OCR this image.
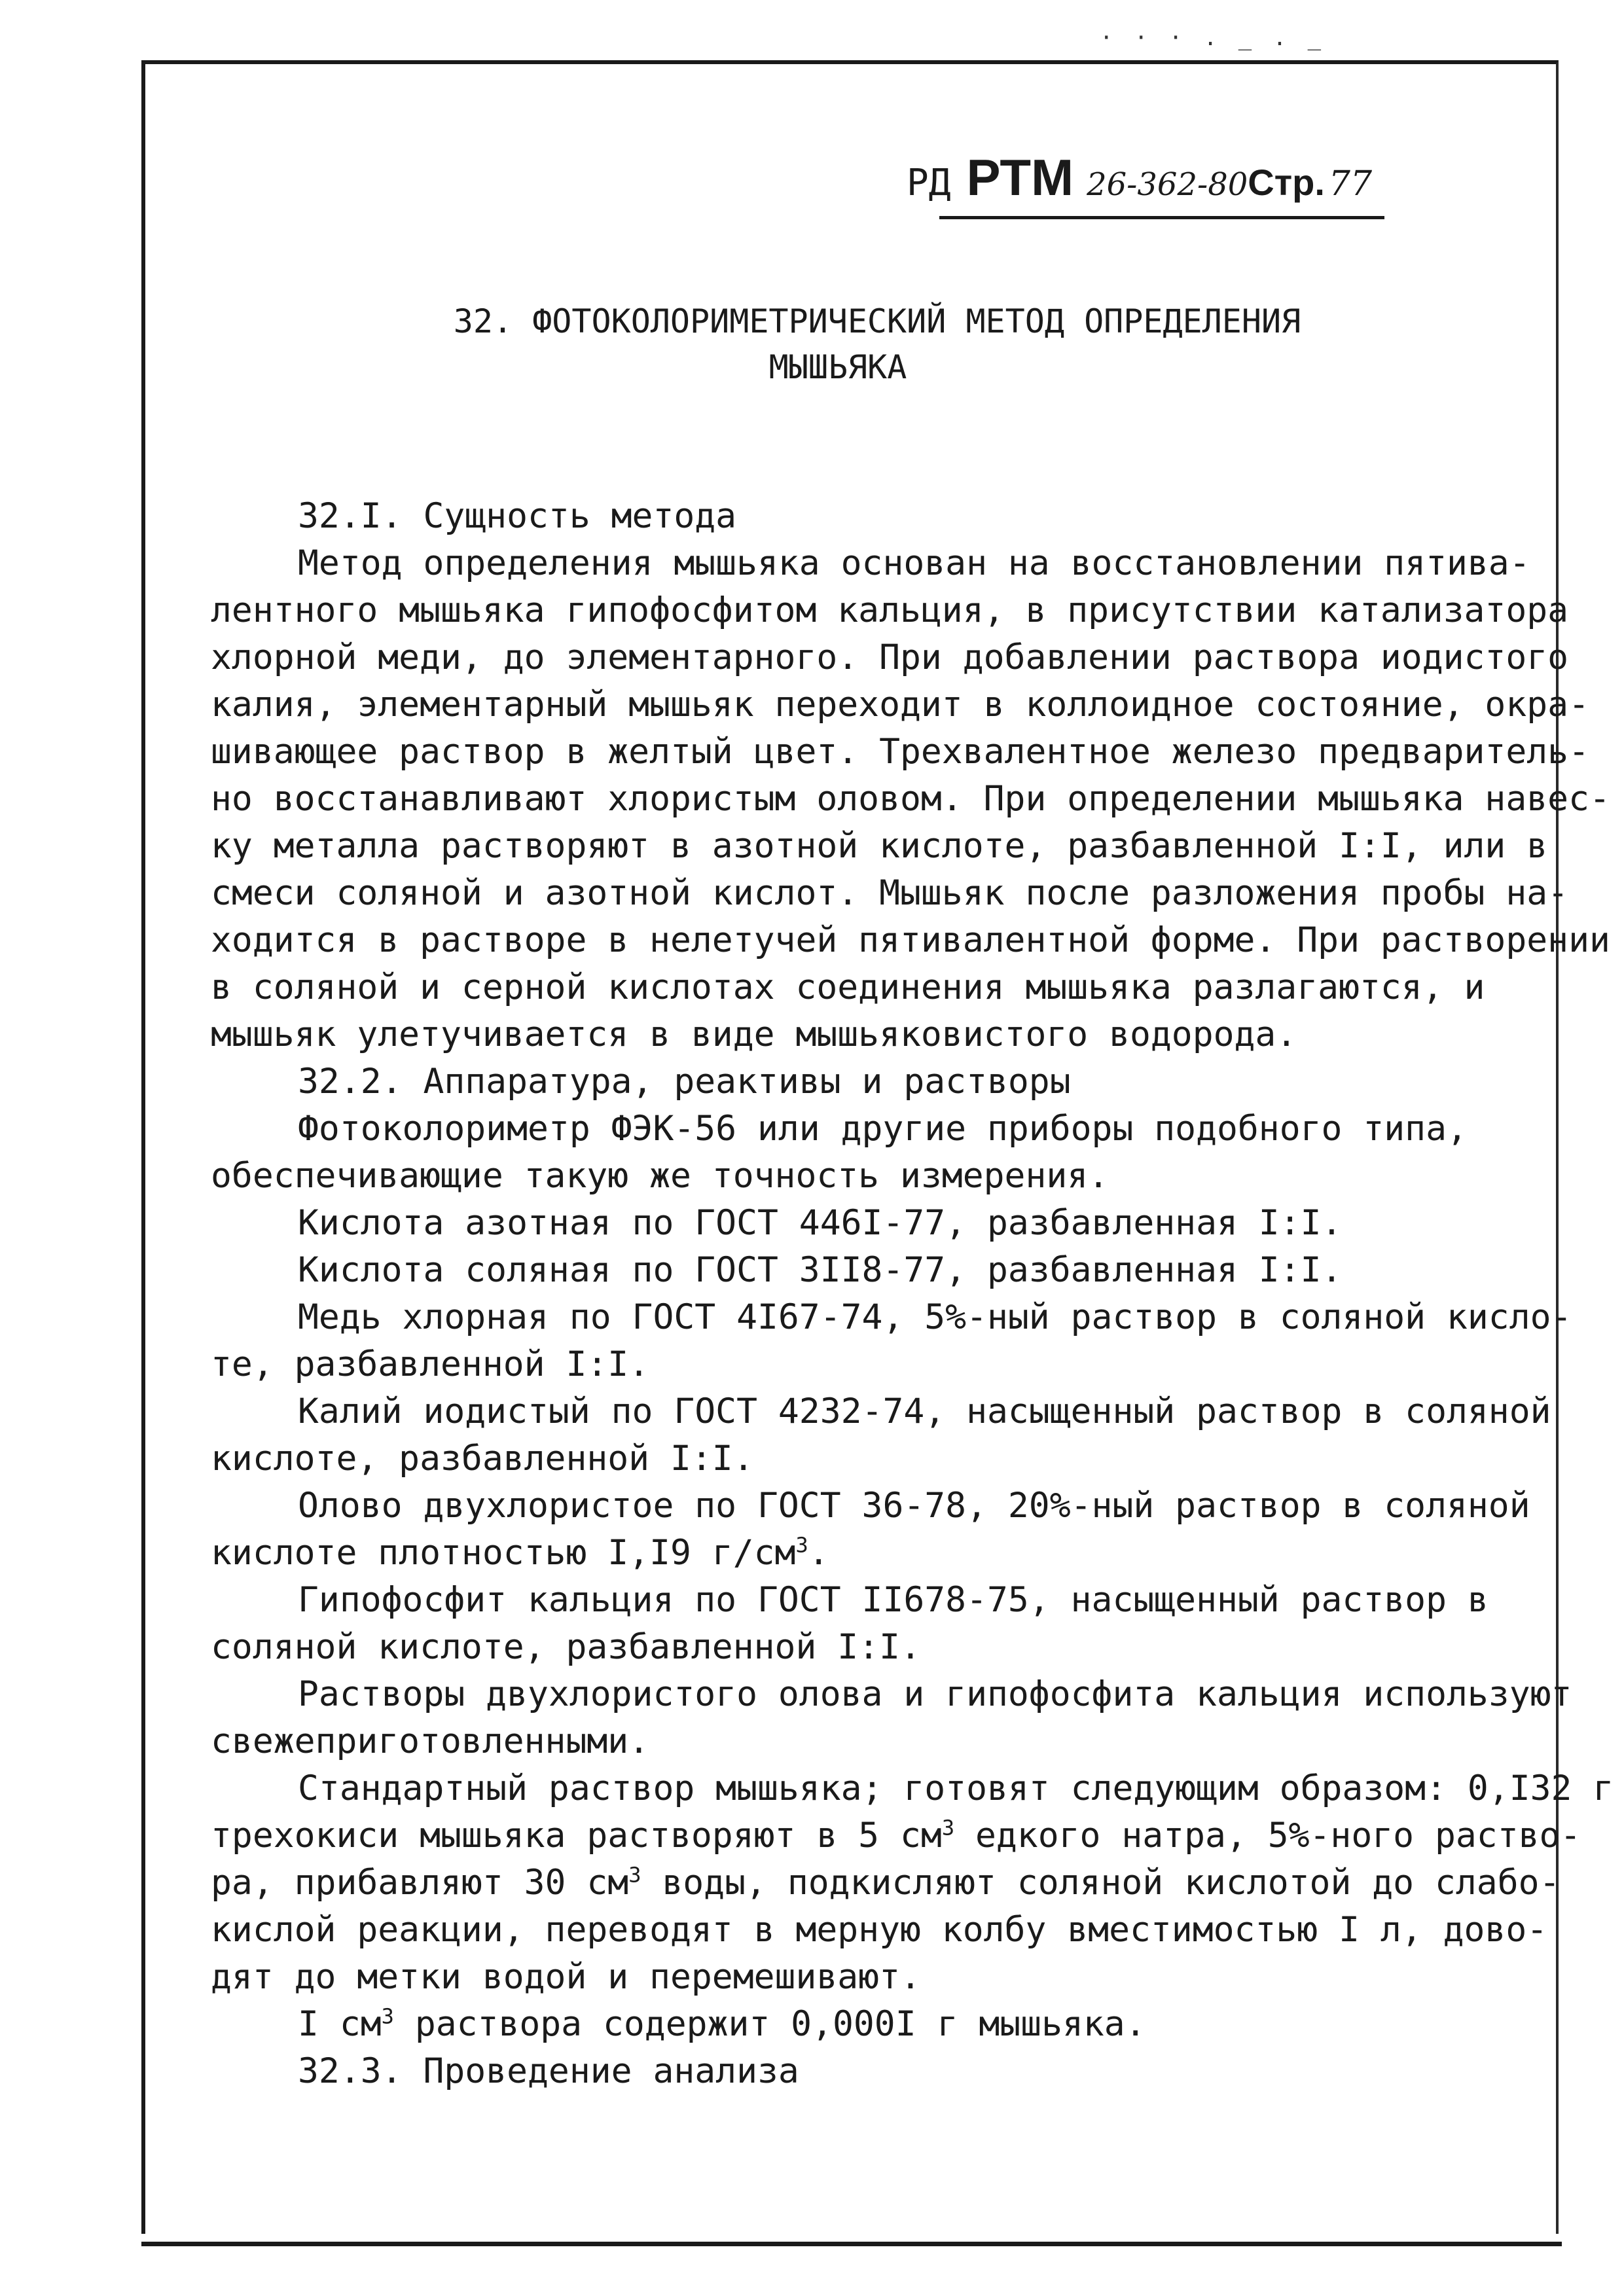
· · · . _ . _
РД РТМ 26-362-80 Стр. 77
32. ФОТОКОЛОРИМЕТРИЧЕСКИЙ МЕТОД ОПРЕДЕЛЕНИЯ
МЫШЬЯКА
32.I. Сущность метода
Метод определения мышьяка основан на восстановлении пятива-
лентного мышьяка гипофосфитом кальция, в присутствии катализатора
хлорной меди, до элементарного. При добавлении раствора иодистого
калия, элементарный мышьяк переходит в коллоидное состояние, окра-
шивающее раствор в желтый цвет. Трехвалентное железо предваритель-
но восстанавливают хлористым оловом. При определении мышьяка навес-
ку металла растворяют в азотной кислоте, разбавленной I:I, или в
смеси соляной и азотной кислот. Мышьяк после разложения пробы на-
ходится в растворе в нелетучей пятивалентной форме. При растворении
в соляной и серной кислотах соединения мышьяка разлагаются, и
мышьяк улетучивается в виде мышьяковистого водорода.
32.2. Аппаратура, реактивы и растворы
Фотоколориметр ФЭК-56 или другие приборы подобного типа,
обеспечивающие такую же точность измерения.
Кислота азотная по ГОСТ 446I-77, разбавленная I:I.
Кислота соляная по ГОСТ 3II8-77, разбавленная I:I.
Медь хлорная по ГОСТ 4I67-74, 5%-ный раствор в соляной кисло-
те, разбавленной I:I.
Калий иодистый по ГОСТ 4232-74, насыщенный раствор в соляной
кислоте, разбавленной I:I.
Олово двухлористое по ГОСТ 36-78, 20%-ный раствор в соляной
кислоте плотностью I,I9 $г/см^3$.
Гипофосфит кальция по ГОСТ II678-75, насыщенный раствор в
соляной кислоте, разбавленной I:I.
Растворы двухлористого олова и гипофосфита кальция используют
свежеприготовленными.
Стандартный раствор мышьяка; готовят следующим образом: 0,I32 г
трехокиси мышьяка растворяют в 5 $см^3$ едкого натра, 5%-ного раство-
ра, прибавляют 30 $см^3$ воды, подкисляют соляной кислотой до слабо-
кислой реакции, переводят в мерную колбу вместимостью I л, дово-
дят до метки водой и перемешивают.
I $см^3$ раствора содержит 0,000I г мышьяка.
32.3. Проведение анализа
